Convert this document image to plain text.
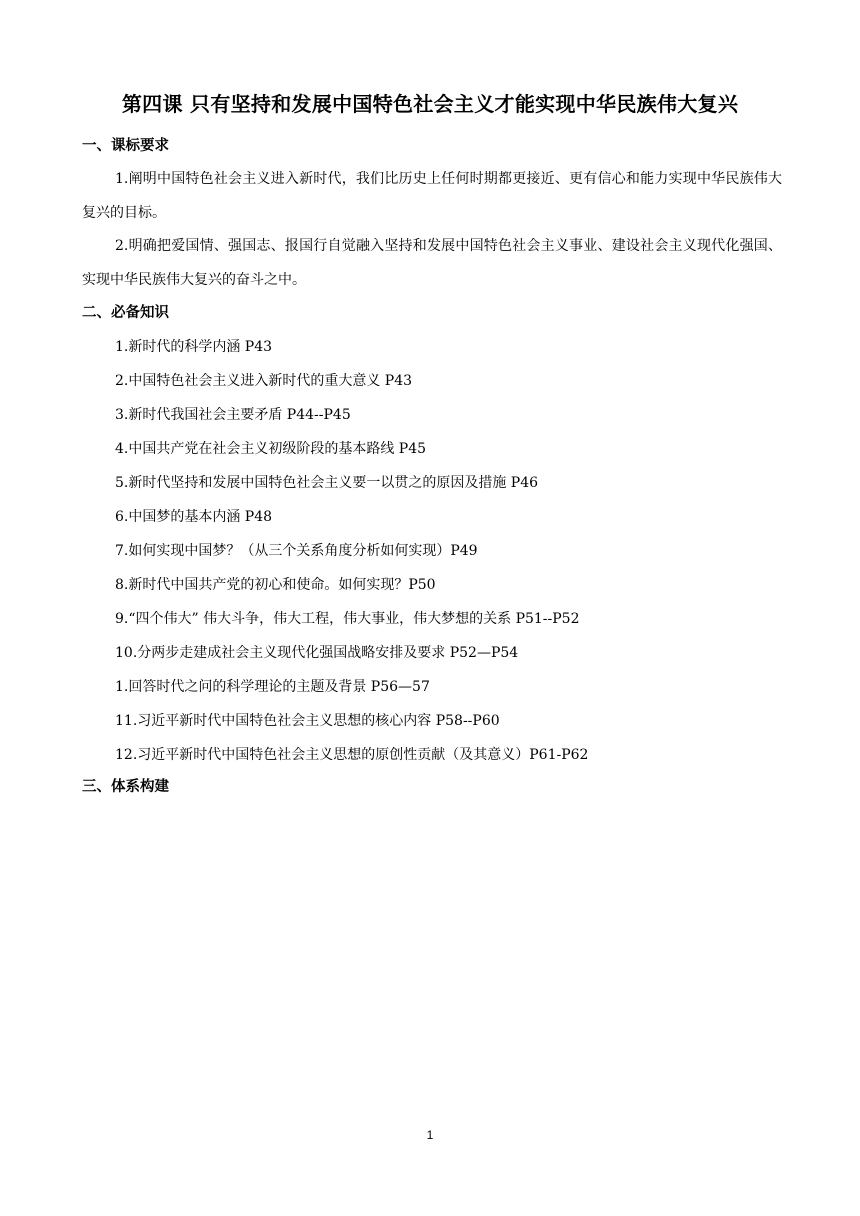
第四课 只有坚持和发展中国特色社会主义才能实现中华民族伟大复兴
一、课标要求
1.阐明中国特色社会主义进入新时代，我们比历史上任何时期都更接近、更有信心和能力实现中华民族伟大复兴的目标。
2.明确把爱国情、强国志、报国行自觉融入坚持和发展中国特色社会主义事业、建设社会主义现代化强国、实现中华民族伟大复兴的奋斗之中。
二、必备知识
1.新时代的科学内涵 P43
2.中国特色社会主义进入新时代的重大意义 P43
3.新时代我国社会主要矛盾 P44--P45
4.中国共产党在社会主义初级阶段的基本路线 P45
5.新时代坚持和发展中国特色社会主义要一以贯之的原因及措施 P46
6.中国梦的基本内涵 P48
7.如何实现中国梦？（从三个关系角度分析如何实现）P49
8.新时代中国共产党的初心和使命。如何实现？P50
9.“四个伟大” 伟大斗争，伟大工程，伟大事业，伟大梦想的关系 P51--P52
10.分两步走建成社会主义现代化强国战略安排及要求 P52—P54
1.回答时代之问的科学理论的主题及背景 P56—57
11.习近平新时代中国特色社会主义思想的核心内容 P58--P60
12.习近平新时代中国特色社会主义思想的原创性贡献（及其意义）P61-P62
三、体系构建
1
